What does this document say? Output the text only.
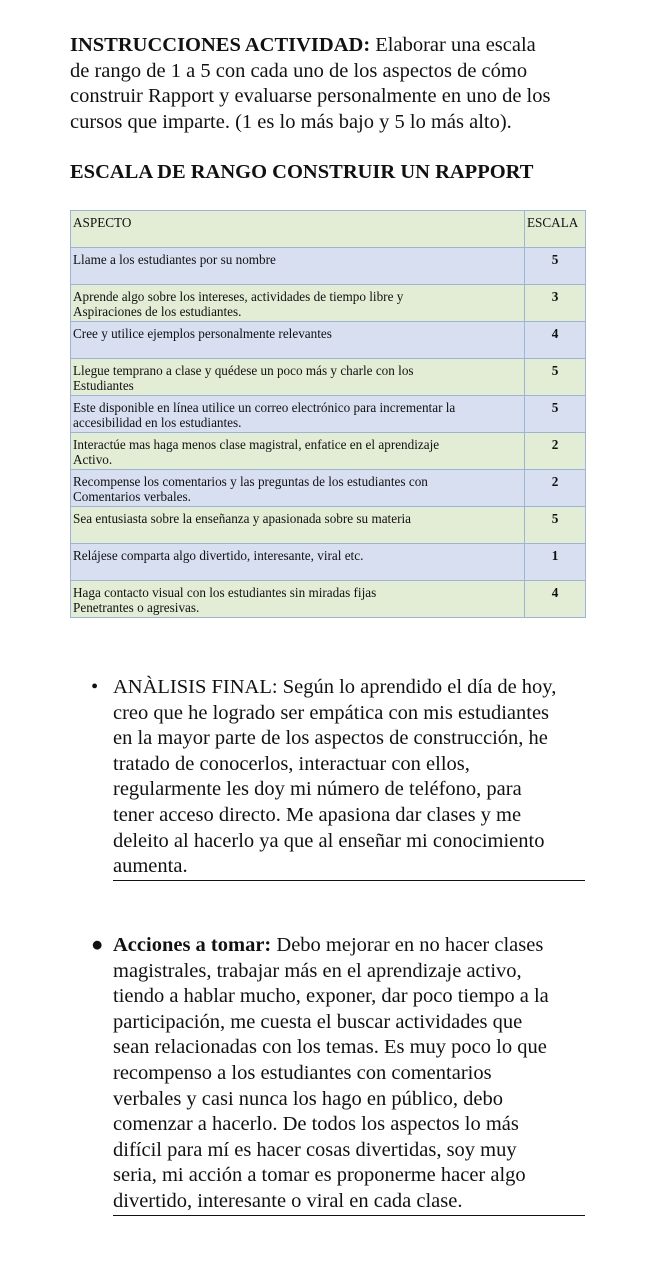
INSTRUCCIONES ACTIVIDAD: Elaborar una escala
de rango de 1 a 5 con cada uno de los aspectos de cómo
construir Rapport y evaluarse personalmente en uno de los
cursos que imparte. (1 es lo más bajo y 5 lo más alto).

ESCALA DE RANGO CONSTRUIR UN RAPPORT

ASPECTO	ESCALA
Llame a los estudiantes por su nombre	5
Aprende algo sobre los intereses, actividades de tiempo libre y
Aspiraciones de los estudiantes.	3
Cree y utilice ejemplos personalmente relevantes	4
Llegue temprano a clase y quédese un poco más y charle con los
Estudiantes	5
Este disponible en línea utilice un correo electrónico para incrementar la
accesibilidad en los estudiantes.	5
Interactúe mas haga menos clase magistral, enfatice en el aprendizaje
Activo.	2
Recompense los comentarios y las preguntas de los estudiantes con
Comentarios verbales.	2
Sea entusiasta sobre la enseñanza y apasionada sobre su materia	5
Relájese comparta algo divertido, interesante, viral etc.	1
Haga contacto visual con los estudiantes sin miradas fijas
Penetrantes o agresivas.	4
• ANÀLISIS FINAL: Según lo aprendido el día de hoy,
creo que he logrado ser empática con mis estudiantes
en la mayor parte de los aspectos de construcción, he
tratado de conocerlos, interactuar con ellos,
regularmente les doy mi número de teléfono, para
tener acceso directo. Me apasiona dar clases y me
deleito al hacerlo ya que al enseñar mi conocimiento

aumenta.
● Acciones a tomar: Debo mejorar en no hacer clases
magistrales, trabajar más en el aprendizaje activo,
tiendo a hablar mucho, exponer, dar poco tiempo a la
participación, me cuesta el buscar actividades que
sean relacionadas con los temas. Es muy poco lo que
recompenso a los estudiantes con comentarios
verbales y casi nunca los hago en público, debo
comenzar a hacerlo. De todos los aspectos lo más
difícil para mí es hacer cosas divertidas, soy muy
seria, mi acción a tomar es proponerme hacer algo

divertido, interesante o viral en cada clase.
